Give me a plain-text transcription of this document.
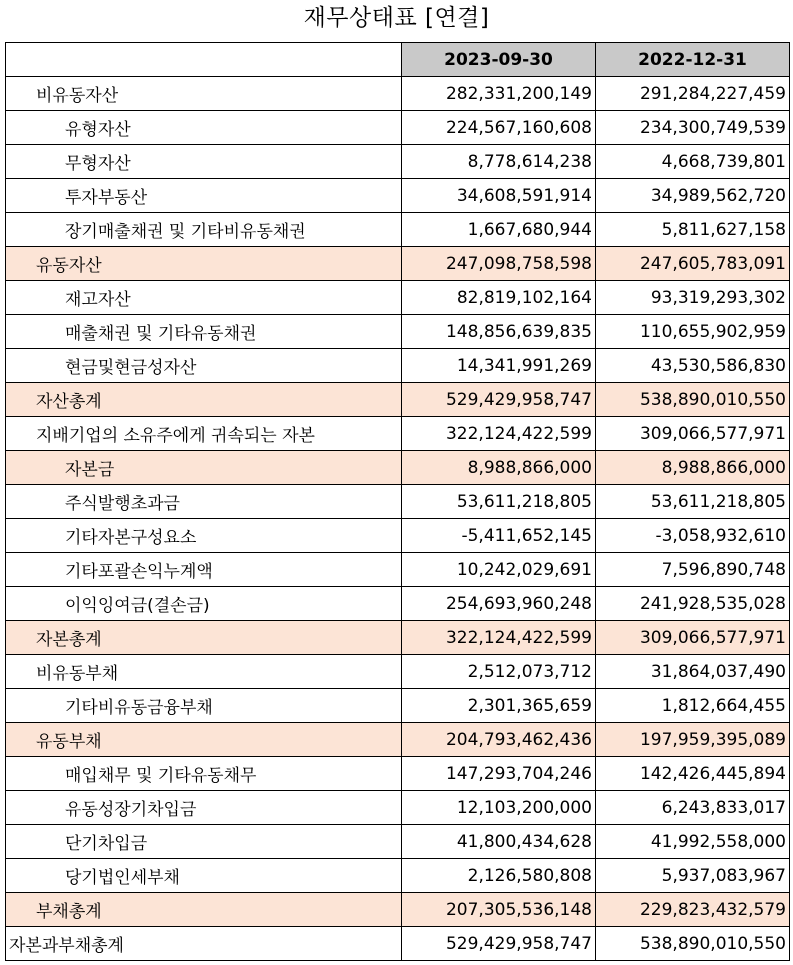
재무상태표 [연결]
	2023-09-30	2022-12-31
비유동자산	282,331,200,149	291,284,227,459
유형자산	224,567,160,608	234,300,749,539
무형자산	8,778,614,238	4,668,739,801
투자부동산	34,608,591,914	34,989,562,720
장기매출채권 및 기타비유동채권	1,667,680,944	5,811,627,158
유동자산	247,098,758,598	247,605,783,091
재고자산	82,819,102,164	93,319,293,302
매출채권 및 기타유동채권	148,856,639,835	110,655,902,959
현금및현금성자산	14,341,991,269	43,530,586,830
자산총계	529,429,958,747	538,890,010,550
지배기업의 소유주에게 귀속되는 자본	322,124,422,599	309,066,577,971
자본금	8,988,866,000	8,988,866,000
주식발행초과금	53,611,218,805	53,611,218,805
기타자본구성요소	-5,411,652,145	-3,058,932,610
기타포괄손익누계액	10,242,029,691	7,596,890,748
이익잉여금(결손금)	254,693,960,248	241,928,535,028
자본총계	322,124,422,599	309,066,577,971
비유동부채	2,512,073,712	31,864,037,490
기타비유동금융부채	2,301,365,659	1,812,664,455
유동부채	204,793,462,436	197,959,395,089
매입채무 및 기타유동채무	147,293,704,246	142,426,445,894
유동성장기차입금	12,103,200,000	6,243,833,017
단기차입금	41,800,434,628	41,992,558,000
당기법인세부채	2,126,580,808	5,937,083,967
부채총계	207,305,536,148	229,823,432,579
자본과부채총계	529,429,958,747	538,890,010,550
